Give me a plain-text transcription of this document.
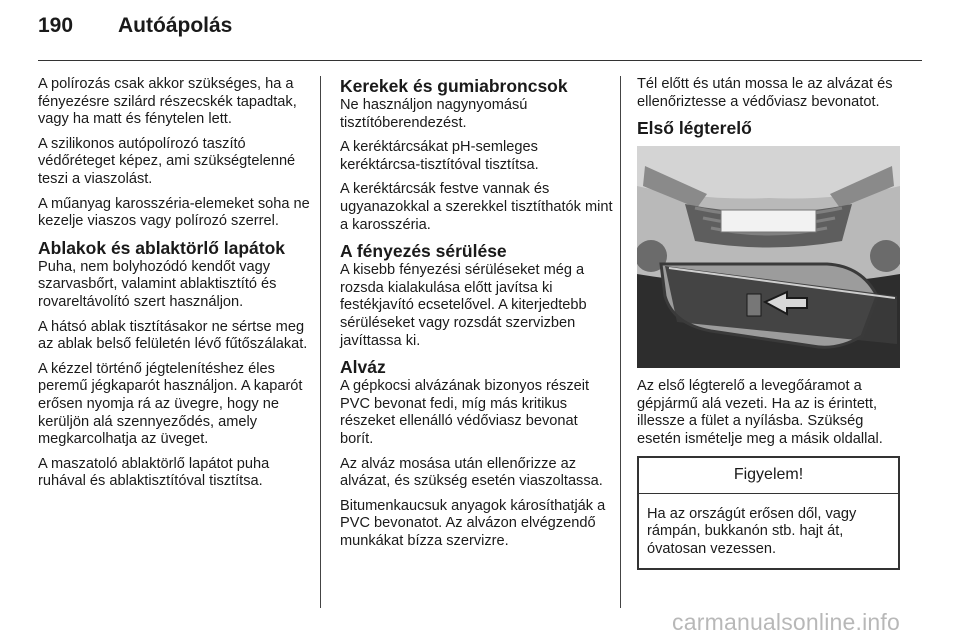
190 Autóápolás

A polírozás csak akkor szükséges, ha a fényezésre szilárd részecskék tapadtak, vagy ha matt és fénytelen lett.

A szilikonos autópolírozó taszító védőréteget képez, ami szükségtelenné teszi a viaszolást.

A műanyag karosszéria-elemeket soha ne kezelje viaszos vagy polírozó szerrel.

Ablakok és ablaktörlő lapátok

Puha, nem bolyhozódó kendőt vagy szarvasbőrt, valamint ablaktisztító és rovareltávolító szert használjon.

A hátsó ablak tisztításakor ne sértse meg az ablak belső felületén lévő fűtőszálakat.

A kézzel történő jégtelenítéshez éles peremű jégkaparót használjon. A kaparót erősen nyomja rá az üvegre, hogy ne kerüljön alá szennyeződés, amely megkarcolhatja az üveget.

A maszatoló ablaktörlő lapátot puha ruhával és ablaktisztítóval tisztítsa.

Kerekek és gumiabroncsok

Ne használjon nagynyomású tisztítóberendezést.

A keréktárcsákat pH-semleges keréktárcsa-tisztítóval tisztítsa.

A keréktárcsák festve vannak és ugyanazokkal a szerekkel tisztíthatók mint a karosszéria.

A fényezés sérülése

A kisebb fényezési sérüléseket még a rozsda kialakulása előtt javítsa ki festékjavító ecsetelővel. A kiterjedtebb sérüléseket vagy rozsdát szervizben javíttassa ki.

Alváz

A gépkocsi alvázának bizonyos részeit PVC bevonat fedi, míg más kritikus részeket ellenálló védőviasz bevonat borít.

Az alváz mosása után ellenőrizze az alvázat, és szükség esetén viaszoltassa.

Bitumenkaucsuk anyagok károsíthatják a PVC bevonatot. Az alvázon elvégzendő munkákat bízza szervizre.

Tél előtt és után mossa le az alvázat és ellenőriztesse a védőviasz bevonatot.

Első légterelő

Az első légterelő a levegőáramot a gépjármű alá vezeti. Ha az is érintett, illessze a fület a nyílásba. Szükség esetén ismételje meg a másik oldallal.

Figyelem!
Ha az országút erősen dől, vagy rámpán, bukkanón stb. hajt át, óvatosan vezessen.
carmanualsonline.info
